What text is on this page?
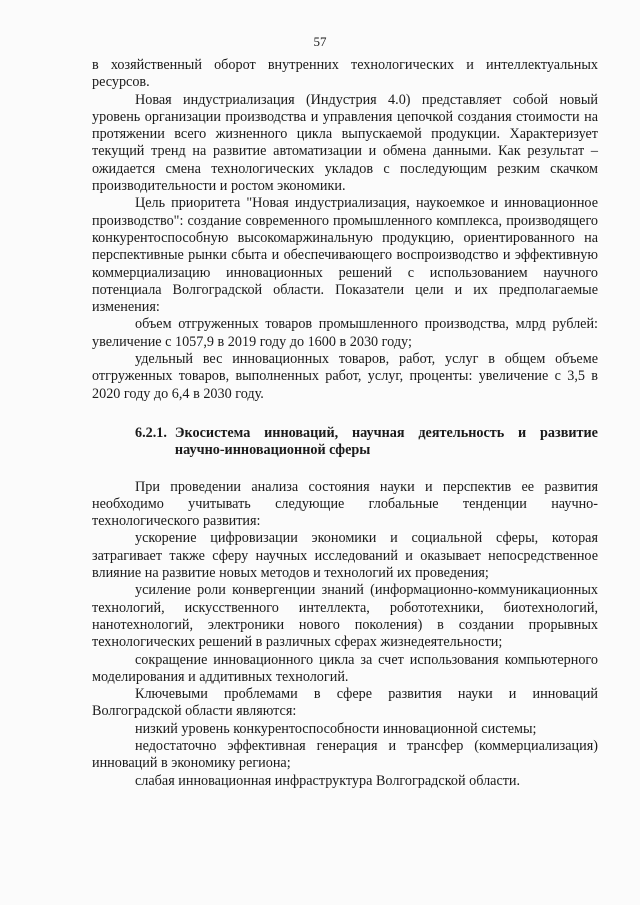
57

в хозяйственный оборот внутренних технологических и интеллектуальных ресурсов.

Новая индустриализация (Индустрия 4.0) представляет собой новый уровень организации производства и управления цепочкой создания стоимости на протяжении всего жизненного цикла выпускаемой продукции. Характеризует текущий тренд на развитие автоматизации и обмена данными. Как результат – ожидается смена технологических укладов с последующим резким скачком производительности и ростом экономики.

Цель приоритета "Новая индустриализация, наукоемкое и инновационное производство": создание современного промышленного комплекса, производящего конкурентоспособную высокомаржинальную продукцию, ориентированного на перспективные рынки сбыта и обеспечивающего воспроизводство и эффективную коммерциализацию инновационных решений с использованием научного потенциала Волгоградской области. Показатели цели и их предполагаемые изменения:

объем отгруженных товаров промышленного производства, млрд рублей: увеличение с 1057,9 в 2019 году до 1600 в 2030 году;

удельный вес инновационных товаров, работ, услуг в общем объеме отгруженных товаров, выполненных работ, услуг, проценты: увеличение с 3,5 в 2020 году до 6,4 в 2030 году.

6.2.1. Экосистема инноваций, научная деятельность и развитие научно-инновационной сферы

При проведении анализа состояния науки и перспектив ее развития необходимо учитывать следующие глобальные тенденции научно-технологического развития:

ускорение цифровизации экономики и социальной сферы, которая затрагивает также сферу научных исследований и оказывает непосредственное влияние на развитие новых методов и технологий их проведения;

усиление роли конвергенции знаний (информационно-коммуникационных технологий, искусственного интеллекта, робототехники, биотехнологий, нанотехнологий, электроники нового поколения) в создании прорывных технологических решений в различных сферах жизнедеятельности;

сокращение инновационного цикла за счет использования компьютерного моделирования и аддитивных технологий.

Ключевыми проблемами в сфере развития науки и инноваций Волгоградской области являются:

низкий уровень конкурентоспособности инновационной системы;

недостаточно эффективная генерация и трансфер (коммерциализация) инноваций в экономику региона;

слабая инновационная инфраструктура Волгоградской области.
